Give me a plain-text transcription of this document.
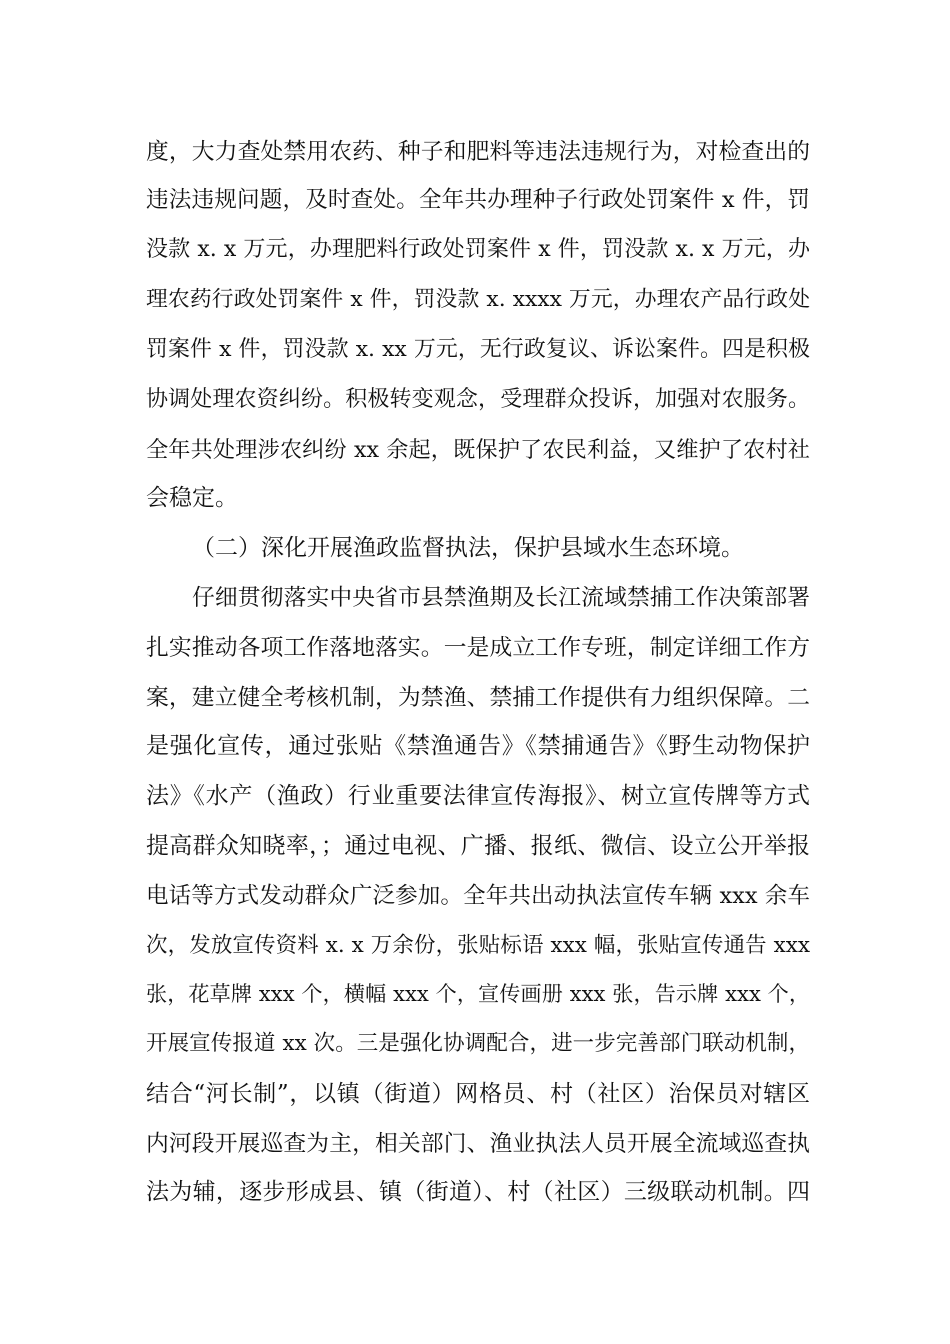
度，大力查处禁用农药、种子和肥料等违法违规行为，对检查出的
违法违规问题，及时查处。全年共办理种子行政处罚案件 x 件，罚
没款 x. x 万元，办理肥料行政处罚案件 x 件，罚没款 x. x 万元，办
理农药行政处罚案件 x 件，罚没款 x. xxxx 万元，办理农产品行政处
罚案件 x 件，罚没款 x. xx 万元，无行政复议、诉讼案件。四是积极
协调处理农资纠纷。积极转变观念，受理群众投诉，加强对农服务。
全年共处理涉农纠纷 xx 余起，既保护了农民利益，又维护了农村社
会稳定。
（二）深化开展渔政监督执法，保护县域水生态环境。
仔细贯彻落实中央省市县禁渔期及长江流域禁捕工作决策部署
扎实推动各项工作落地落实。一是成立工作专班，制定详细工作方
案，建立健全考核机制，为禁渔、禁捕工作提供有力组织保障。二
是强化宣传，通过张贴《禁渔通告》《禁捕通告》《野生动物保护
法》《水产（渔政）行业重要法律宣传海报》、树立宣传牌等方式
提高群众知晓率，；通过电视、广播、报纸、微信、设立公开举报
电话等方式发动群众广泛参加。全年共出动执法宣传车辆 xxx 余车
次，发放宣传资料 x. x 万余份，张贴标语 xxx 幅，张贴宣传通告 xxx
张，花草牌 xxx 个，横幅 xxx 个，宣传画册 xxx 张，告示牌 xxx 个，
开展宣传报道 xx 次。三是强化协调配合，进一步完善部门联动机制，
结合“河长制”，以镇（街道）网格员、村（社区）治保员对辖区
内河段开展巡查为主，相关部门、渔业执法人员开展全流域巡查执
法为辅，逐步形成县、镇（街道）、村（社区）三级联动机制。四
